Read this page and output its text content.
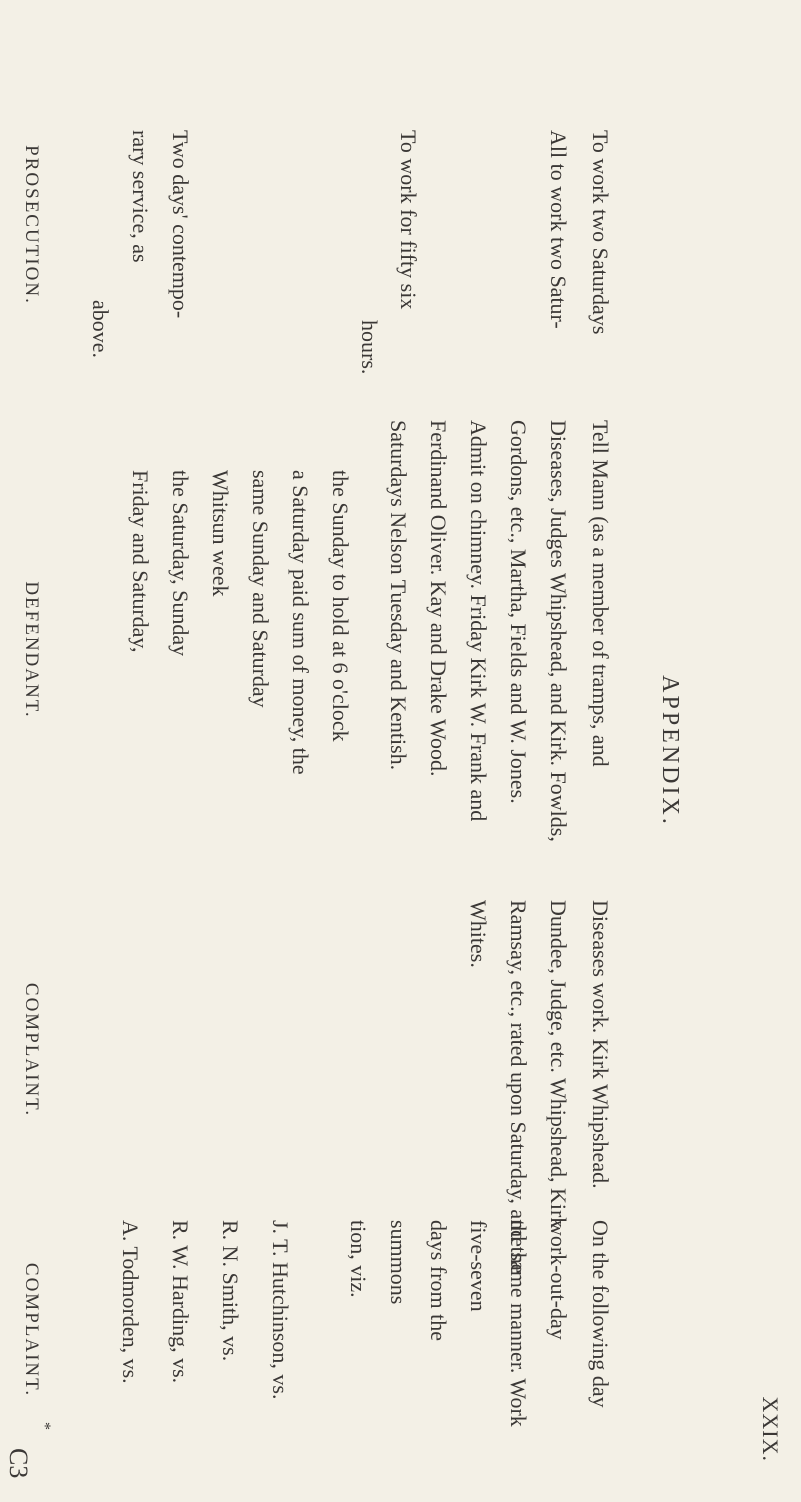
XXIX.
APPENDIX.
PROSECUTION.	To work two Saturdays
All to work two Satur-
To work for fifty six
hours.
Two days' contempo-
rary service, as
above.
DEFENDANT.	Tell Mann (as a member of tramps, and
Diseases, Judges Whipshead, and Kirk. Fowlds,
Gordons, etc., Martha, Fields and W. Jones.
Admit on chimney. Friday Kirk W. Frank and
Ferdinand Oliver. Kay and Drake Wood.
Saturdays Nelson Tuesday and Kentish.
the Sunday to hold at 6 o'clock
a Saturday paid sum of money, the
same Sunday and Saturday
Whitsun week
the Saturday, Sunday
Friday and Saturday,
COMPLAINT.	Diseases work. Kirk Whipshead.
Dundee, Judge, etc. Whipshead, Kirk.
Ramsay, etc., rated upon Saturday, and the
Whites.
COMPLAINT.	On the following day
work-out-day
the same manner. Work
five-seven
days from the
summons
tion, viz.
J. T. Hutchinson, vs.
R. N. Smith, vs.
R. W. Harding, vs.
A. Todmorden, vs.
*
C3
